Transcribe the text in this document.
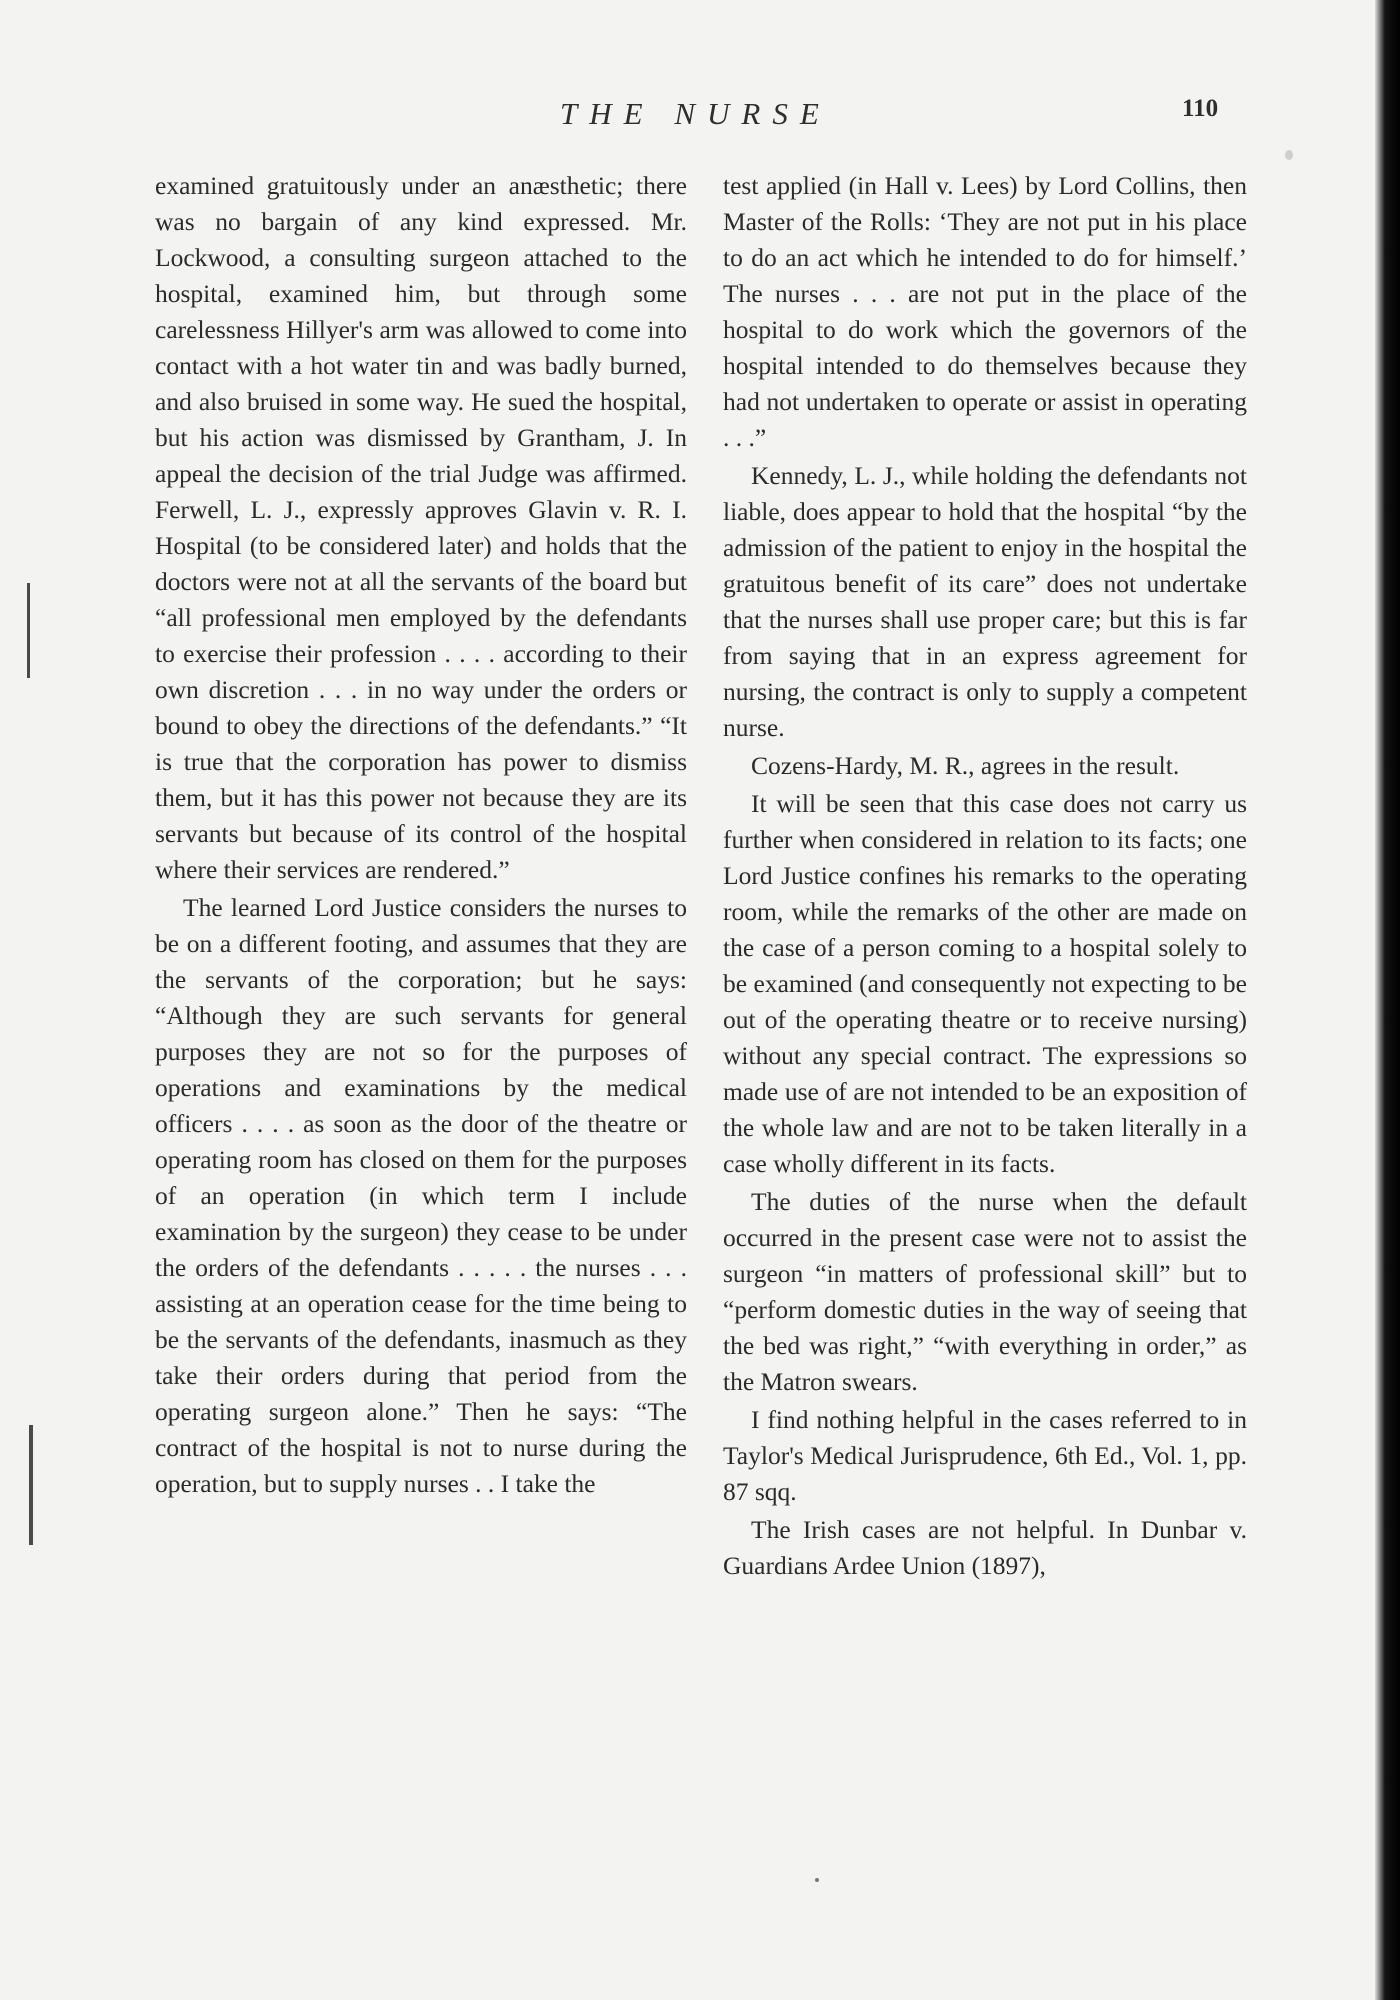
THE NURSE	110

examined gratuitously under an anæsthetic; there was no bargain of any kind expressed. Mr. Lockwood, a consulting surgeon attached to the hospital, examined him, but through some carelessness Hillyer's arm was allowed to come into contact with a hot water tin and was badly burned, and also bruised in some way. He sued the hospital, but his action was dismissed by Grantham, J. In appeal the decision of the trial Judge was affirmed. Ferwell, L. J., expressly approves Glavin v. R. I. Hospital (to be considered later) and holds that the doctors were not at all the servants of the board but “all professional men employed by the defendants to exercise their profession . . . . according to their own discretion . . . in no way under the orders or bound to obey the directions of the defendants.” “It is true that the corporation has power to dismiss them, but it has this power not because they are its servants but because of its control of the hospital where their services are rendered.”

The learned Lord Justice considers the nurses to be on a different footing, and assumes that they are the servants of the corporation; but he says: “Although they are such servants for general purposes they are not so for the purposes of operations and examinations by the medical officers . . . . as soon as the door of the theatre or operating room has closed on them for the purposes of an operation (in which term I include examination by the surgeon) they cease to be under the orders of the defendants . . . . . the nurses . . . assisting at an operation cease for the time being to be the servants of the defendants, inasmuch as they take their orders during that period from the operating surgeon alone.” Then he says: “The contract of the hospital is not to nurse during the operation, but to supply nurses . . I take the

test applied (in Hall v. Lees) by Lord Collins, then Master of the Rolls: ‘They are not put in his place to do an act which he intended to do for himself.’ The nurses . . . are not put in the place of the hospital to do work which the governors of the hospital intended to do themselves because they had not undertaken to operate or assist in operating . . .”

Kennedy, L. J., while holding the defendants not liable, does appear to hold that the hospital “by the admission of the patient to enjoy in the hospital the gratuitous benefit of its care” does not undertake that the nurses shall use proper care; but this is far from saying that in an express agreement for nursing, the contract is only to supply a competent nurse.

Cozens-Hardy, M. R., agrees in the result.

It will be seen that this case does not carry us further when considered in relation to its facts; one Lord Justice confines his remarks to the operating room, while the remarks of the other are made on the case of a person coming to a hospital solely to be examined (and consequently not expecting to be out of the operating theatre or to receive nursing) without any special contract. The expressions so made use of are not intended to be an exposition of the whole law and are not to be taken literally in a case wholly different in its facts.

The duties of the nurse when the default occurred in the present case were not to assist the surgeon “in matters of professional skill” but to “perform domestic duties in the way of seeing that the bed was right,” “with everything in order,” as the Matron swears.

I find nothing helpful in the cases referred to in Taylor's Medical Jurisprudence, 6th Ed., Vol. 1, pp. 87 sqq.

The Irish cases are not helpful. In Dunbar v. Guardians Ardee Union (1897),
